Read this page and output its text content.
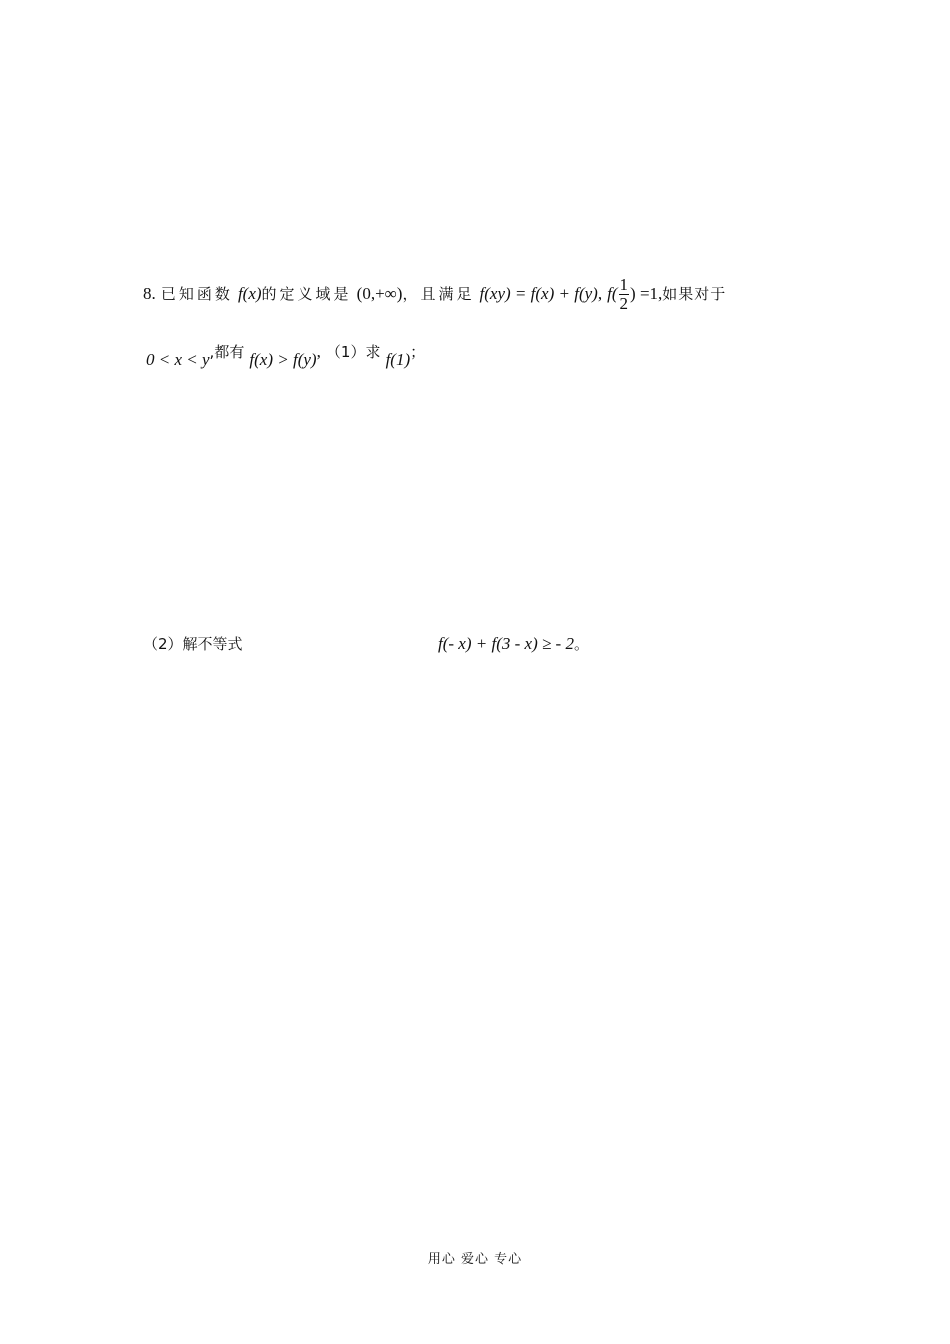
8. 已知函数 f(x)的定义域是 (0,+∞)，且满足 f(xy) = f(x) + f(y), $f( \frac{1}{2}$ ) =1,如果对于
0 < x < y,都有 f(x) > f(y), （1）求 f(1)；
（2）解不等式	f(- x) + f(3 - x) ≥ - 2。
用心 爱心 专心
